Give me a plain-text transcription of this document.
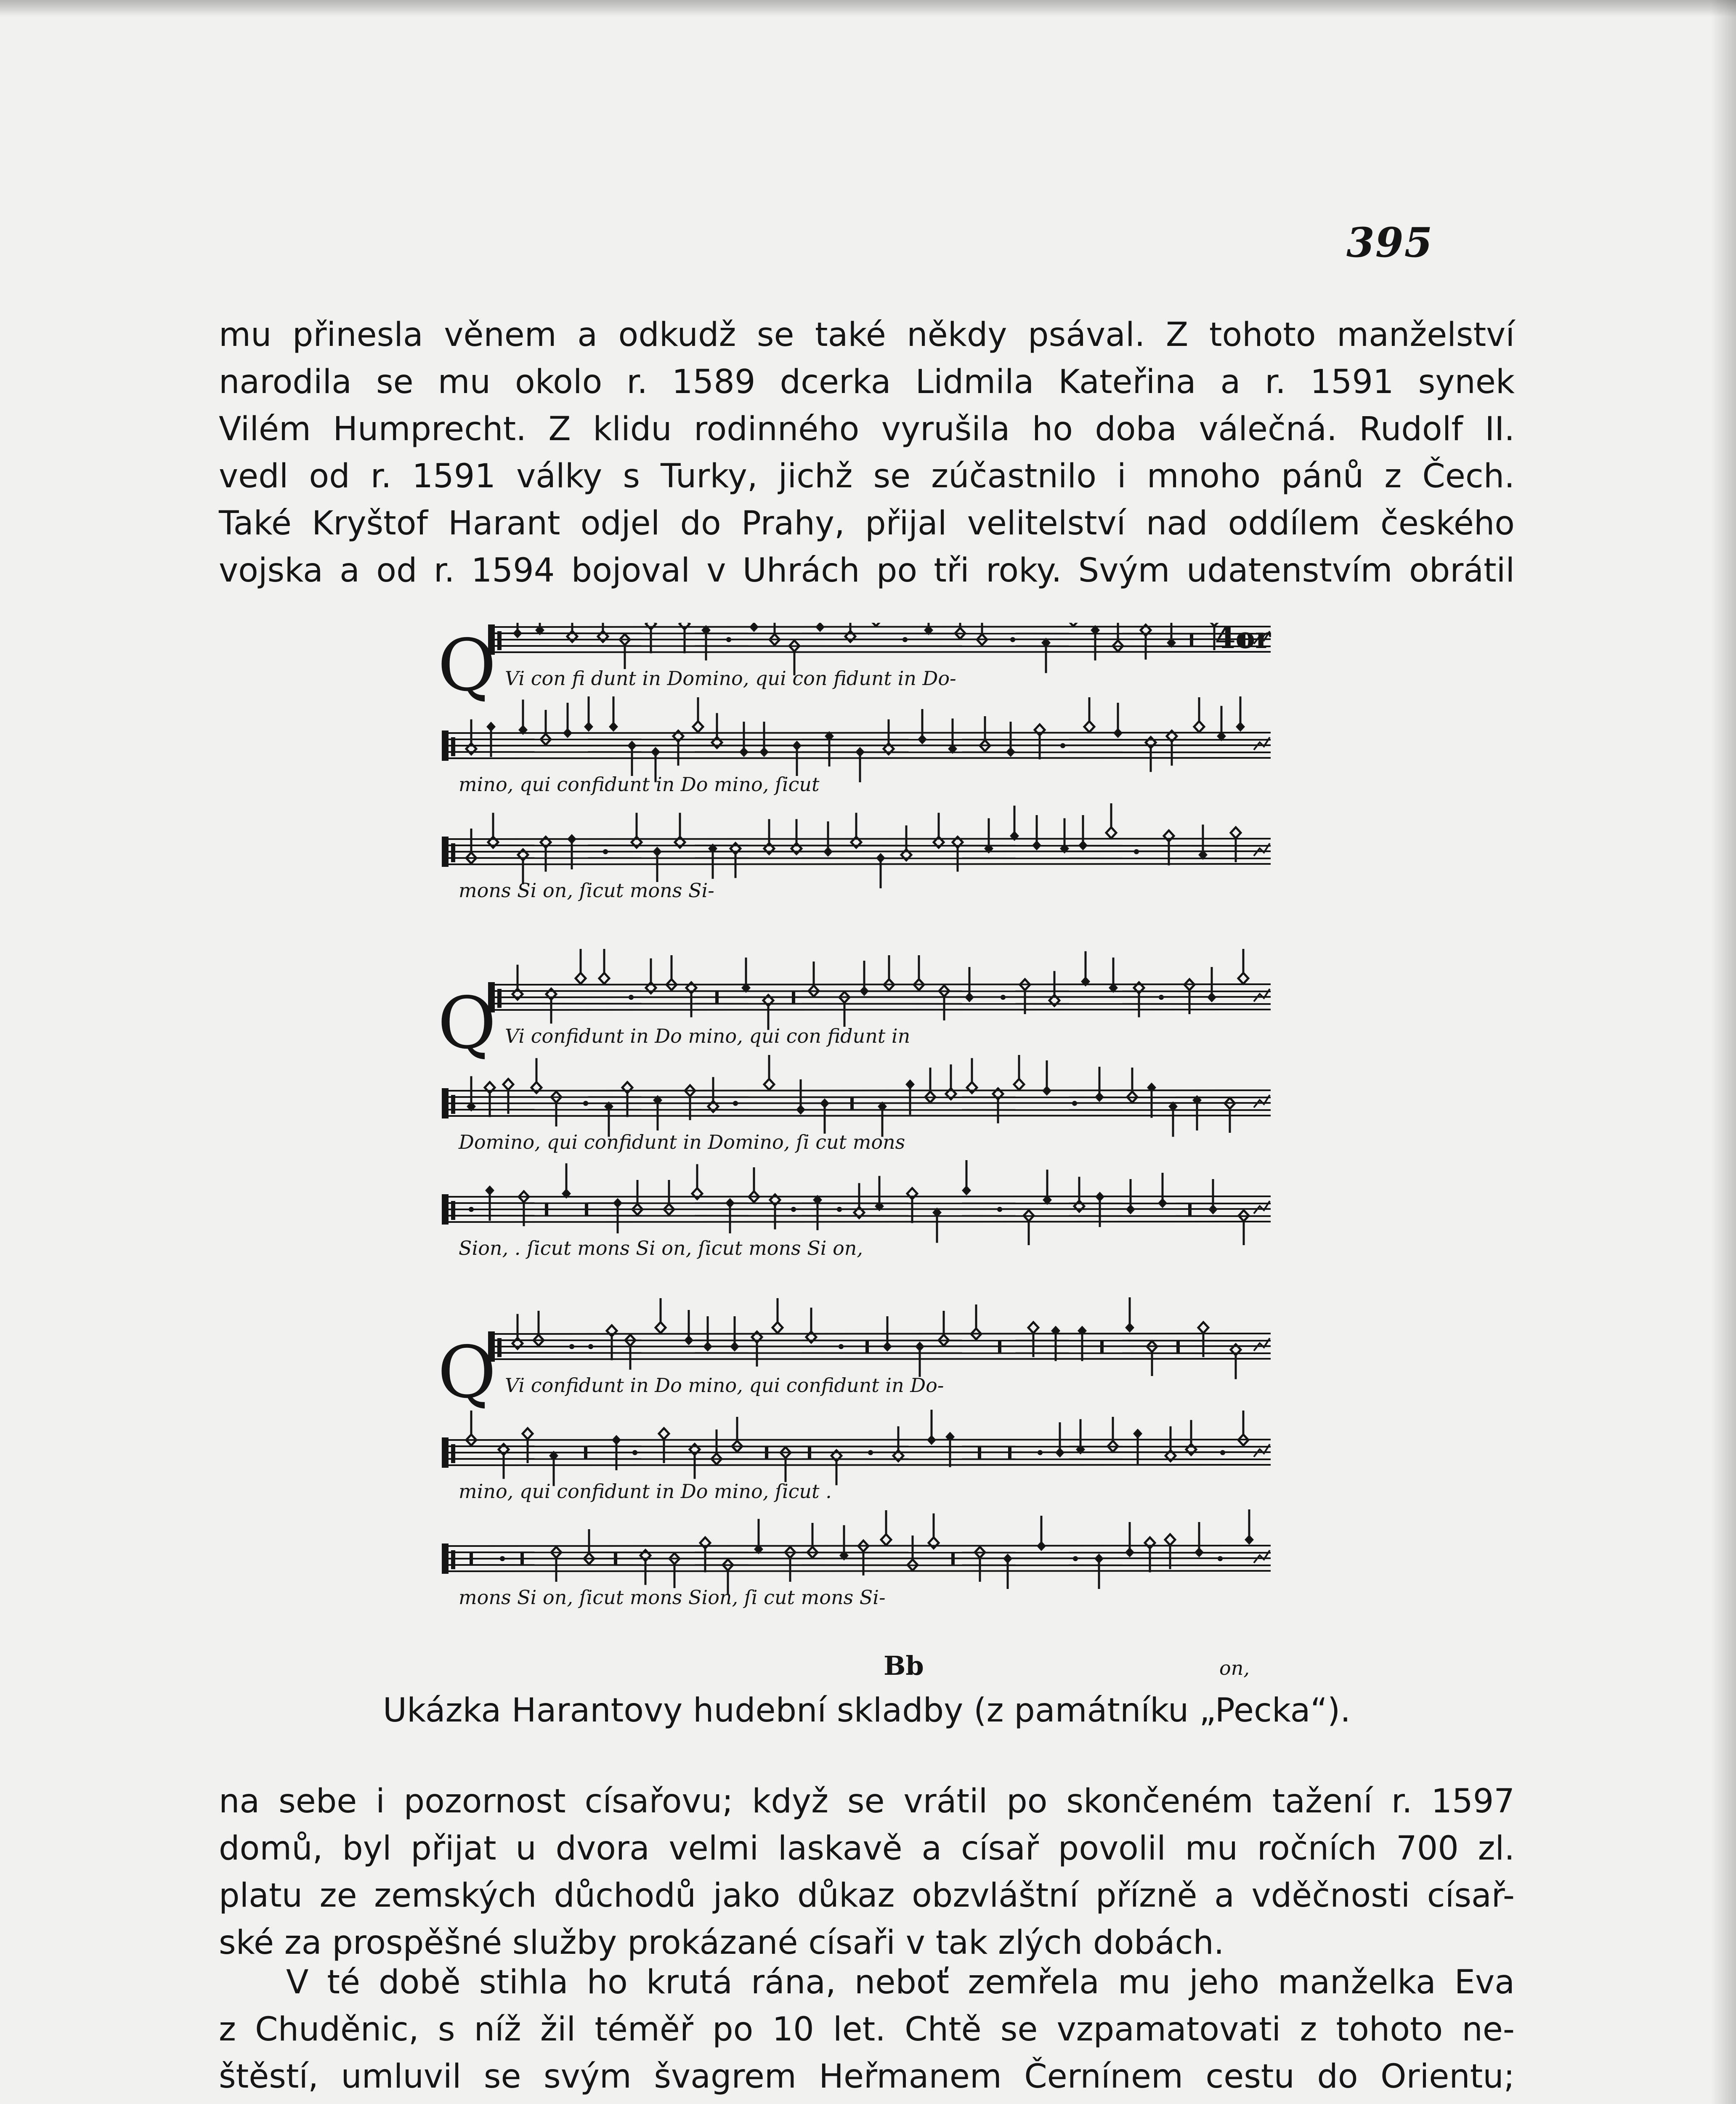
395
mu přinesla věnem a odkudž se také někdy psával. Z tohoto manželství
narodila se mu okolo r. 1589 dcerka Lidmila Kateřina a r. 1591 synek
Vilém Humprecht. Z klidu rodinného vyrušila ho doba válečná. Rudolf II.
vedl od r. 1591 války s Turky, jichž se zúčastnilo i mnoho pánů z Čech.
Také Kryštof Harant odjel do Prahy, přijal velitelství nad oddílem českého
vojska a od r. 1594 bojoval v Uhrách po tři roky. Svým udatenstvím obrátil
Vi con fi dunt in Domino, qui con fidunt in Do-
mino, qui confidunt in Do mino, ſicut
mons Si on, ſicut mons Si-
Q
Vi confidunt in Do mino, qui con fidunt in
Domino, qui confidunt in Domino, ſi cut mons
Sion, . ſicut mons Si on, ſicut mons Si on,
Q
Vi confidunt in Do mino, qui confidunt in Do-
mino, qui confidunt in Do mino, ſicut .
mons Si on, ſicut mons Sion, ſi cut mons Si-
Q
4or
Bb	on,
Ukázka Harantovy hudební skladby (z památníku „Pecka“).
na sebe i pozornost císařovu; když se vrátil po skončeném tažení r. 1597
domů, byl přijat u dvora velmi laskavě a císař povolil mu ročních 700 zl.
platu ze zemských důchodů jako důkaz obzvláštní přízně a vděčnosti císař-
ské za prospěšné služby prokázané císaři v tak zlých dobách.
V té době stihla ho krutá rána, neboť zemřela mu jeho manželka Eva
z Chuděnic, s níž žil téměř po 10 let. Chtě se vzpamatovati z tohoto ne-
štěstí, umluvil se svým švagrem Heřmanem Černínem cestu do Orientu;
